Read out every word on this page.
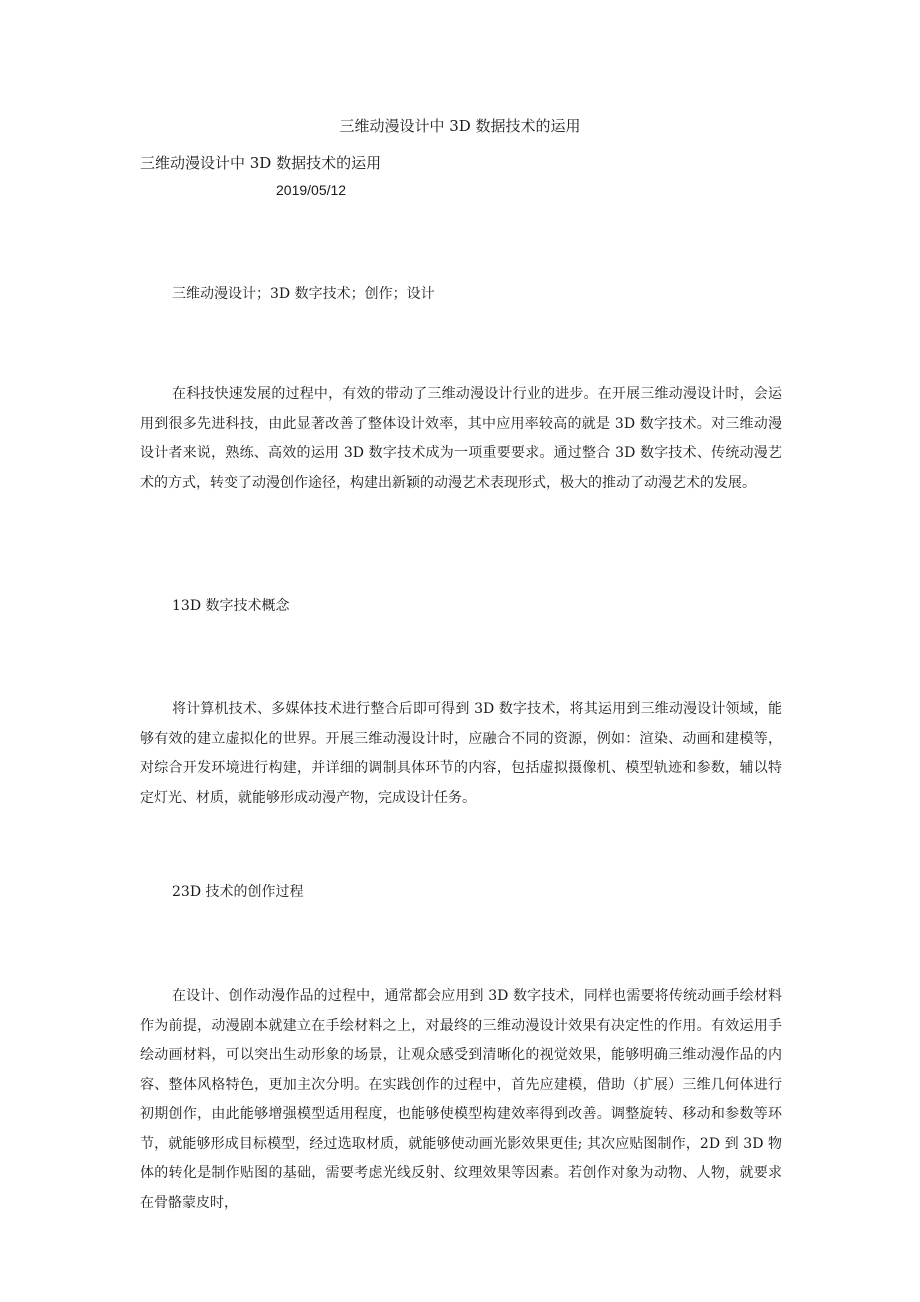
三维动漫设计中 3D 数据技术的运用
三维动漫设计中 3D 数据技术的运用
2019/05/12
三维动漫设计；3D 数字技术；创作；设计

在科技快速发展的过程中，有效的带动了三维动漫设计行业的进步。在开展三维动漫设计时，会运用到很多先进科技，由此显著改善了整体设计效率，其中应用率较高的就是 3D 数字技术。对三维动漫设计者来说，熟练、高效的运用 3D 数字技术成为一项重要要求。通过整合 3D 数字技术、传统动漫艺术的方式，转变了动漫创作途径，构建出新颖的动漫艺术表现形式，极大的推动了动漫艺术的发展。

13D 数字技术概念

将计算机技术、多媒体技术进行整合后即可得到 3D 数字技术，将其运用到三维动漫设计领域，能够有效的建立虚拟化的世界。开展三维动漫设计时，应融合不同的资源，例如：渲染、动画和建模等，对综合开发环境进行构建，并详细的调制具体环节的内容，包括虚拟摄像机、模型轨迹和参数，辅以特定灯光、材质，就能够形成动漫产物，完成设计任务。

23D 技术的创作过程

在设计、创作动漫作品的过程中，通常都会应用到 3D 数字技术，同样也需要将传统动画手绘材料作为前提，动漫剧本就建立在手绘材料之上，对最终的三维动漫设计效果有决定性的作用。有效运用手绘动画材料，可以突出生动形象的场景，让观众感受到清晰化的视觉效果，能够明确三维动漫作品的内容、整体风格特色，更加主次分明。在实践创作的过程中，首先应建模，借助（扩展）三维几何体进行初期创作，由此能够增强模型适用程度，也能够使模型构建效率得到改善。调整旋转、移动和参数等环节，就能够形成目标模型，经过选取材质，就能够使动画光影效果更佳; 其次应贴图制作，2D 到 3D 物体的转化是制作贴图的基础，需要考虑光线反射、纹理效果等因素。若创作对象为动物、人物，就要求在骨骼蒙皮时，
